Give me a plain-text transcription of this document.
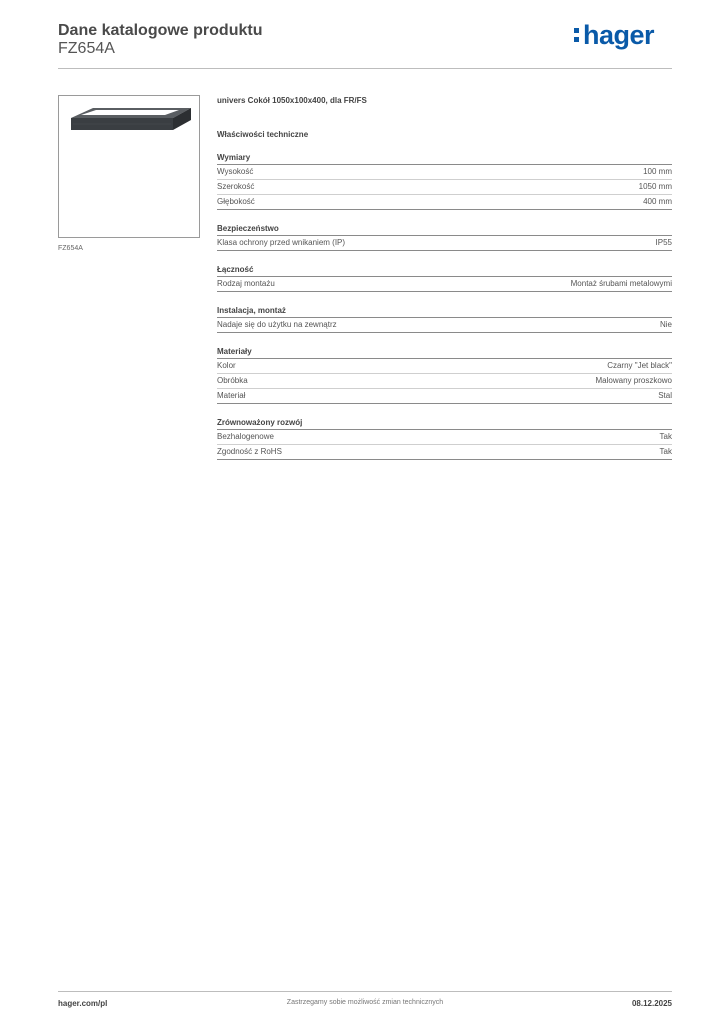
Dane katalogowe produktu
FZ654A	hager
FZ654A
univers Cokół 1050x100x400, dla FR/FS
Właściwości techniczne
Wymiary
Wysokość	100 mm
Szerokość	1050 mm
Głębokość	400 mm
Bezpieczeństwo
Klasa ochrony przed wnikaniem (IP)	IP55
Łączność
Rodzaj montażu	Montaż śrubami metalowymi
Instalacja, montaż
Nadaje się do użytku na zewnątrz	Nie
Materiały
Kolor	Czarny "Jet black"
Obróbka	Malowany proszkowo
Materiał	Stal
Zrównoważony rozwój
Bezhalogenowe	Tak
Zgodność z RoHS	Tak
hager.com/pl	Zastrzegamy sobie możliwość zmian technicznych	08.12.2025
